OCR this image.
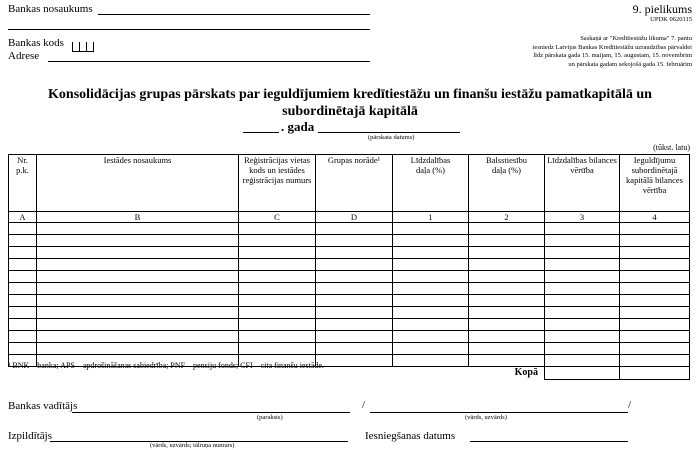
Bankas nosaukums
Bankas kods
Adrese
9. pielikums
UPDK 0620115
Saskaņā ar "Kredītiestāžu likuma" 7. pantu
iesniedz Latvijas Bankas Kredītiestāžu uzraudzības pārvaldei
līdz pārskata gada 15. maijam, 15. augustam, 15. novembrim
un pārskata gadam sekojošā gada 15. februārim
Konsolidācijas grupas pārskats par ieguldījumiem kredītiestāžu un finanšu iestāžu pamatkapitālā un
subordinētajā kapitālā
. gada
(pārskata datums)
(tūkst. latu)
Nr.
p.k.	Iestādes nosaukums	Reģistrācijas vietas kods un iestādes reģistrācijas numurs	Grupas norāde¹	Līdzdalības daļa (%)	Balsstiesību daļa (%)	Līdzdalības bilances vērtība	Ieguldījumu subordinētajā kapitālā bilances vērtība
A	B	C	D	1	2	3	4

Kopā							
¹ BNK – banka; APS – apdrošināšanas sabiedrība; PNF – pensiju fonds; CFI – cita finanšu iestāde.
Bankas vadītājs
(paraksts)
/	/
(vārds, uzvārds)
Izpildītājs
(vārds, uzvārds; tālruņa numurs)
Iesniegšanas datums
